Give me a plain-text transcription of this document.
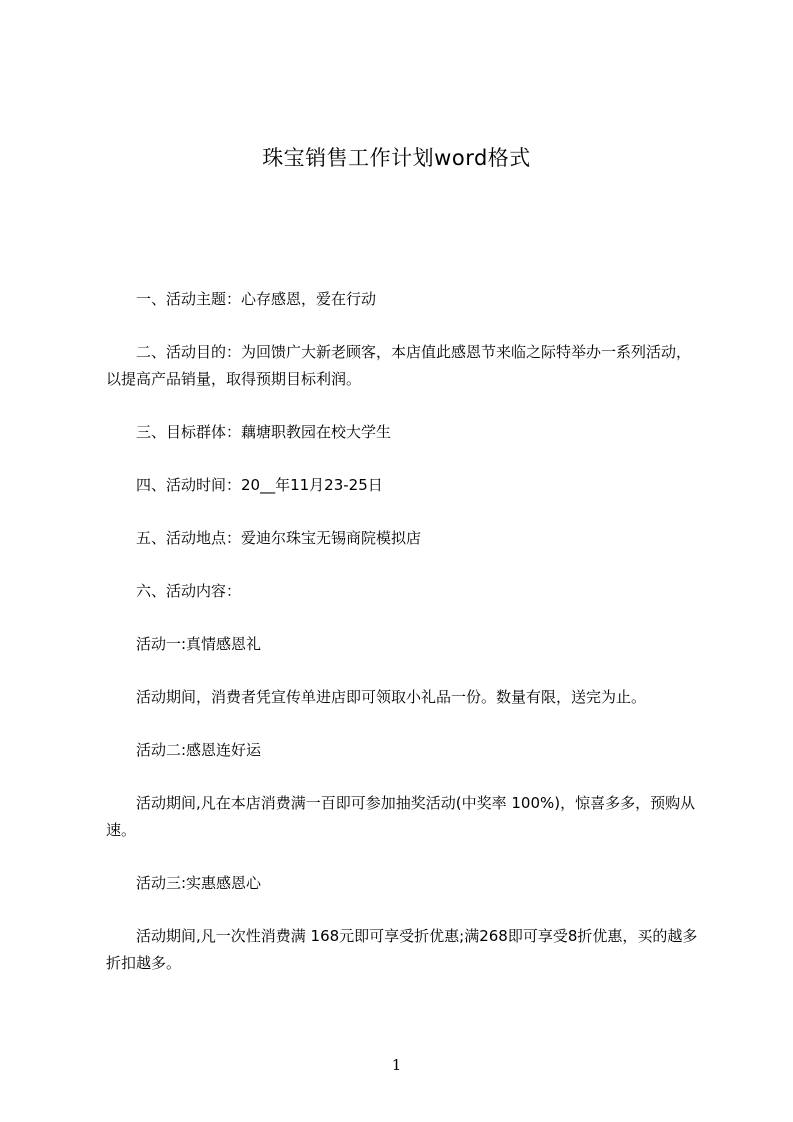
珠宝销售工作计划word格式

一、活动主题：心存感恩，爱在行动

二、活动目的：为回馈广大新老顾客，本店值此感恩节来临之际特举办一系列活动，以提高产品销量，取得预期目标利润。

三、目标群体：藕塘职教园在校大学生

四、活动时间：20__年11月23-25日

五、活动地点：爱迪尔珠宝无锡商院模拟店

六、活动内容：

活动一:真情感恩礼

活动期间，消费者凭宣传单进店即可领取小礼品一份。数量有限，送完为止。

活动二:感恩连好运

活动期间,凡在本店消费满一百即可参加抽奖活动(中奖率 100%)，惊喜多多，预购从速。

活动三:实惠感恩心

活动期间,凡一次性消费满 168元即可享受折优惠;满268即可享受8折优惠，买的越多折扣越多。

1
